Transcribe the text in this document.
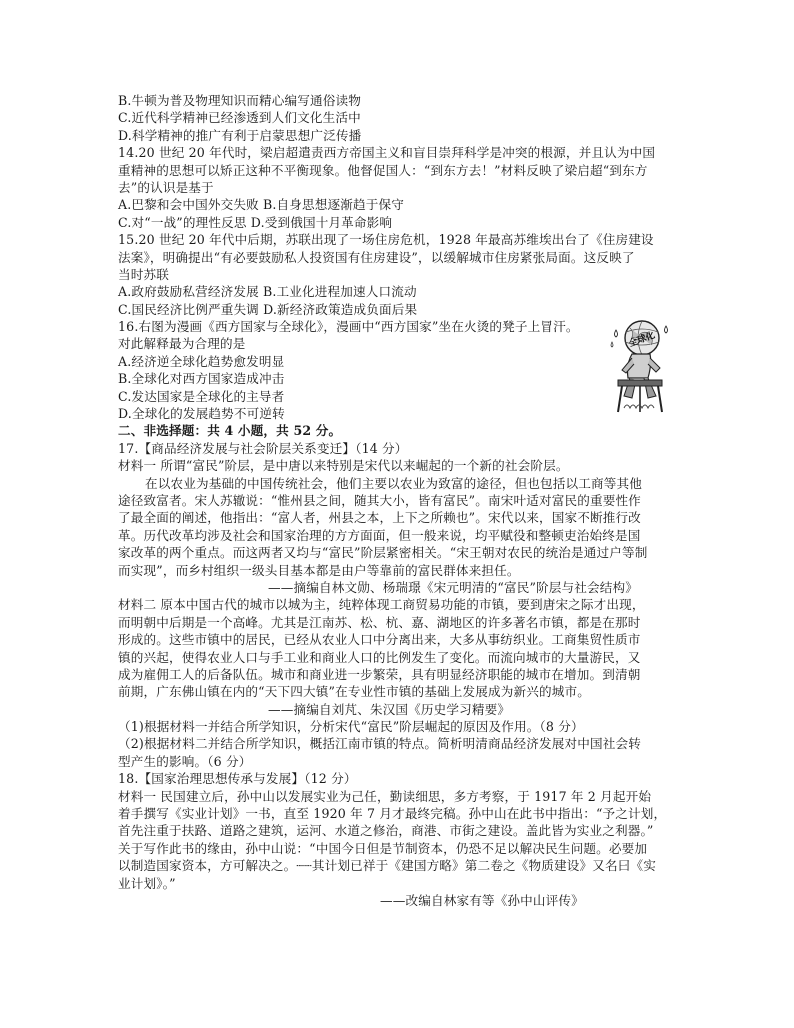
B.牛顿为普及物理知识而精心编写通俗读物
C.近代科学精神已经渗透到人们文化生活中
D.科学精神的推广有利于启蒙思想广泛传播
14.20 世纪 20 年代时，梁启超遣责西方帝国主义和盲目崇拜科学是冲突的根源，并且认为中国
重精神的思想可以矫正这种不平衡现象。他督促国人：“到东方去！”材料反映了梁启超“到东方
去”的认识是基于
A.巴黎和会中国外交失败 B.自身思想逐渐趋于保守
C.对“一战”的理性反思 D.受到俄国十月革命影响
15.20 世纪 20 年代中后期，苏联出现了一场住房危机，1928 年最高苏维埃出台了《住房建设
法案》，明确提出“有必要鼓励私人投资国有住房建设”，以缓解城市住房紧张局面。这反映了
当时苏联
A.政府鼓励私营经济发展 B.工业化进程加速人口流动
C.国民经济比例严重失调 D.新经济政策造成负面后果
16.右图为漫画《西方国家与全球化》，漫画中“西方国家”坐在火烫的凳子上冒汗。
对此解释最为合理的是
A.经济逆全球化趋势愈发明显
B.全球化对西方国家造成冲击
C.发达国家是全球化的主导者
D.全球化的发展趋势不可逆转
二、非选择题：共 4 小题，共 52 分。
17.【商品经济发展与社会阶层关系变迁】（14 分）
材料一 所谓“富民”阶层，是中唐以来特别是宋代以来崛起的一个新的社会阶层。
在以农业为基础的中国传统社会，他们主要以农业为致富的途径，但也包括以工商等其他
途径致富者。宋人苏辙说：“惟州县之间，随其大小，皆有富民”。南宋叶适对富民的重要性作
了最全面的阐述，他指出：“富人者，州县之本，上下之所赖也”。宋代以来，国家不断推行改
革。历代改革均涉及社会和国家治理的方方面面，但一般来说，均平赋役和整顿吏治始终是国
家改革的两个重点。而这两者又均与“富民”阶层紧密相关。“宋王朝对农民的统治是通过户等制
而实现”，而乡村组织一级头目基本都是由户等靠前的富民群体来担任。
——摘编自林文勋、杨瑞璟《宋元明清的“富民”阶层与社会结构》
材料二 原本中国古代的城市以城为主，纯粹体现工商贸易功能的市镇，要到唐宋之际才出现，
而明朝中后期是一个高峰。尤其是江南苏、松、杭、嘉、湖地区的许多著名市镇，都是在那时
形成的。这些市镇中的居民，已经从农业人口中分离出来，大多从事纺织业。工商集贸性质市
镇的兴起，使得农业人口与手工业和商业人口的比例发生了变化。而流向城市的大量游民，又
成为雇佣工人的后备队伍。城市和商业进一步繁荣，具有明显经济职能的城市在增加。到清朝
前期，广东佛山镇在内的“天下四大镇”在专业性市镇的基础上发展成为新兴的城市。
——摘编自刘芃、朱汉国《历史学习精要》
（1)根据材料一并结合所学知识，分析宋代“富民”阶层崛起的原因及作用。（8 分）
（2)根据材料二并结合所学知识，概括江南市镇的特点。简析明清商品经济发展对中国社会转
型产生的影响。（6 分）
18.【国家治理思想传承与发展】（12 分）
材料一 民国建立后，孙中山以发展实业为己任，勤读细思，多方考察，于 1917 年 2 月起开始
着手撰写《实业计划》一书，直至 1920 年 7 月才最终完稿。孙中山在此书中指出：“予之计划，
首先注重于扶路、道路之建筑，运河、水道之修治，商港、市街之建设。盖此皆为实业之利器。”
关于写作此书的缘由，孙中山说：“中国今日但是节制资本，仍恐不足以解决民生问题。必要加
以制造国家资本，方可解决之。┈┈其计划已祥于《建国方略》第二卷之《物质建设》又名曰《实
业计划》。”
——改编自林家有等《孙中山评传》
全球化
